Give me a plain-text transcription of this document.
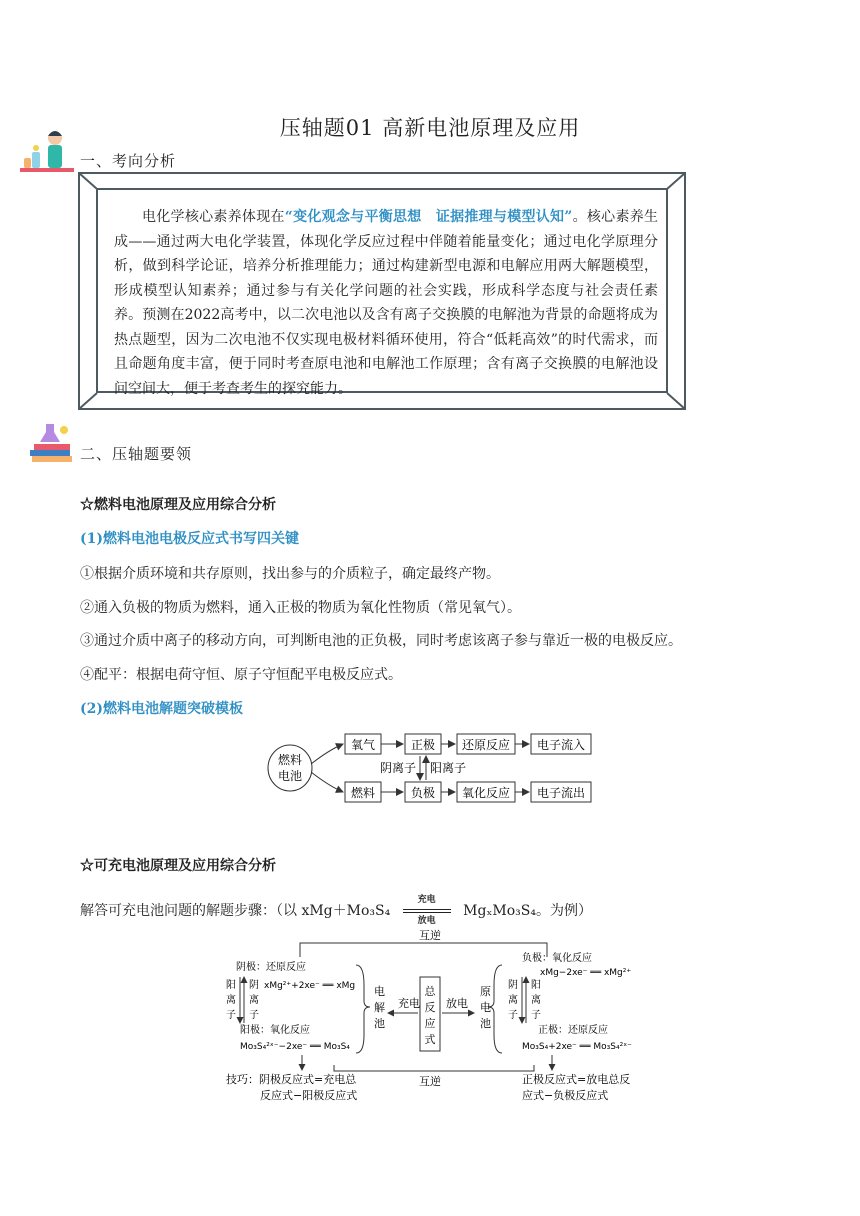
一、考向分析
压轴题01 高新电池原理及应用
电化学核心素养体现在“变化观念与平衡思想　证据推理与模型认知”。核心素养生成——通过两大电化学装置，体现化学反应过程中伴随着能量变化；通过电化学原理分析，做到科学论证，培养分析推理能力；通过构建新型电源和电解应用两大解题模型，形成模型认知素养；通过参与有关化学问题的社会实践，形成科学态度与社会责任素养。预测在2022高考中，以二次电池以及含有离子交换膜的电解池为背景的命题将成为热点题型，因为二次电池不仅实现电极材料循环使用，符合“低耗高效”的时代需求，而且命题角度丰富，便于同时考查原电池和电解池工作原理；含有离子交换膜的电解池设问空间大，便于考查考生的探究能力。
二、压轴题要领
☆燃料电池原理及应用综合分析
(1)燃料电池电极反应式书写四关键
①根据介质环境和共存原则，找出参与的介质粒子，确定最终产物。
②通入负极的物质为燃料，通入正极的物质为氧化性物质（常见氧气）。
③通过介质中离子的移动方向，可判断电池的正负极，同时考虑该离子参与靠近一极的电极反应。
④配平：根据电荷守恒、原子守恒配平电极反应式。
(2)燃料电池解题突破模板
燃料
电池
氧气	正极 还原反应 电子流入
燃料	负极 氧化反应 电子流出
阴离子 阳离子
☆可充电池原理及应用综合分析
解答可充电池问题的解题步骤：（以 xMg＋Mo₃S₄
充电
放电
MgₓMo₃S₄。为例）
互逆
互逆
阴极：还原反应
阳
离
子
阴
离
子
xMg²⁺+2xe⁻ ══ xMg
阳极：氧化反应
Mo₃S₄²ˣ⁻−2xe⁻ ══ Mo₃S₄
电
解
池
充电
总
反
应
式
放电
原
电
池
负极：氧化反应
xMg−2xe⁻ ══ xMg²⁺
阴
离
子
阳
离
子
正极：还原反应
Mo₃S₄+2xe⁻ ══ Mo₃S₄²ˣ⁻
技巧：阴极反应式=充电总
反应式−阳极反应式
正极反应式=放电总反
应式−负极反应式
